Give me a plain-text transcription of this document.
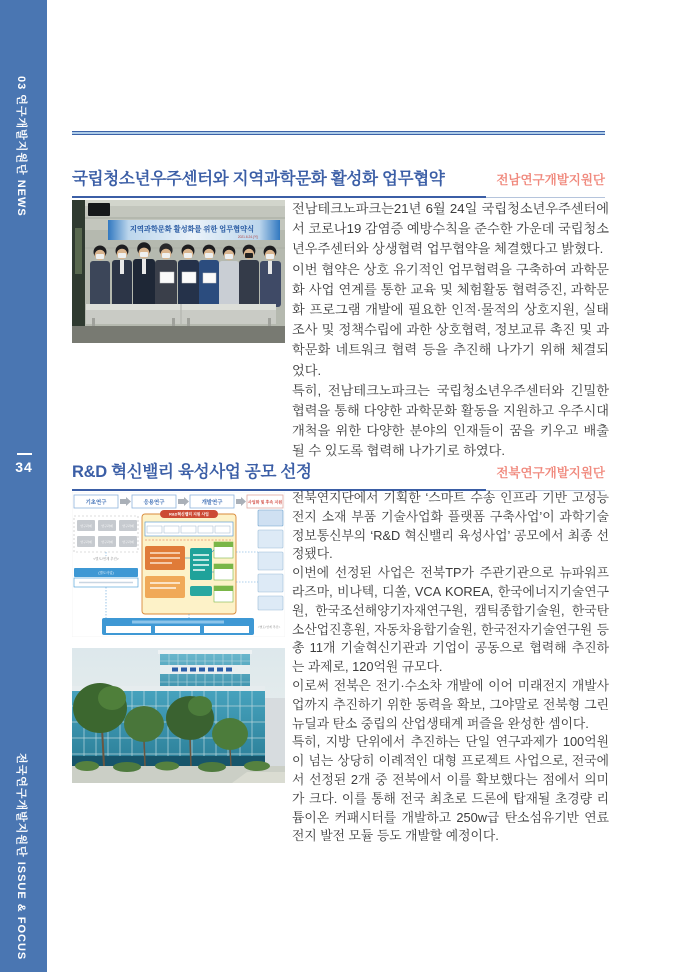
03 연구개발지원단 NEWS
34
전국연구개발지원단 ISSUE & FOCUS
국립청소년우주센터와 지역과학문화 활성화 업무협약	전남연구개발지원단
지역과학문화 활성화를 위한 업무협약식
2021.6.24.(목)

전남테크노파크는21년 6월 24일 국립청소년우주센터에서 코로나19 감염증 예방수칙을 준수한 가운데 국립청소년우주센터와 상생협력 업무협약을 체결했다고 밝혔다.

이번 협약은 상호 유기적인 업무협력을 구축하여 과학문화 사업 연계를 통한 교육 및 체험활동 협력증진, 과학문화 프로그램 개발에 필요한 인적·물적의 상호지원, 실태조사 및 정책수립에 과한 상호협력, 정보교류 촉진 및 과학문화 네트워크 협력 등을 추진해 나가기 위해 체결되었다.

특히, 전남테크노파크는 국립청소년우주센터와 긴밀한 협력을 통해 다양한 과학문화 활동을 지원하고 우주시대 개척을 위한 다양한 분야의 인재들이 꿈을 키우고 배출될 수 있도록 협력해 나가기로 하였다.

R&D 혁신밸리 육성사업 공모 선정	전북연구개발지원단
기초연구	응용연구	개발연구	사업화 및 후속 지원
연구과제	연구과제	연구과제
연구과제	연구과제	연구과제
<별도/연계 추진>
(별도사업)
R&D혁신밸리 지원 사업
<별도/연계 추진>

전북연지단에서 기획한 ‘스마트 수송 인프라 기반 고성능 전지 소재 부품 기술사업화 플랫폼 구축사업’이 과학기술정보통신부의 ‘R&D 혁신밸리 육성사업’ 공모에서 최종 선정됐다.

이번에 선정된 사업은 전북TP가 주관기관으로 뉴파워프라즈마, 비나텍, 디쏠, VCA KOREA, 한국에너지기술연구원, 한국조선해양기자재연구원, 캠틱종합기술원, 한국탄소산업진흥원, 자동차융합기술원, 한국전자기술연구원 등 총 11개 기술혁신기관과 기업이 공동으로 협력해 추진하는 과제로, 120억원 규모다.

이로써 전북은 전기·수소차 개발에 이어 미래전지 개발사업까지 추진하기 위한 동력을 확보, 그야말로 전북형 그린뉴딜과 탄소 중립의 산업생태계 퍼즐을 완성한 셈이다.

특히, 지방 단위에서 추진하는 단일 연구과제가 100억원이 넘는 상당히 이례적인 대형 프로젝트 사업으로, 전국에서 선정된 2개 중 전북에서 이를 확보했다는 점에서 의미가 크다. 이를 통해 전국 최초로 드론에 탑재될 초경량 리튬이온 커패시터를 개발하고 250w급 탄소섬유기반 연료전지 발전 모듈 등도 개발할 예정이다.
